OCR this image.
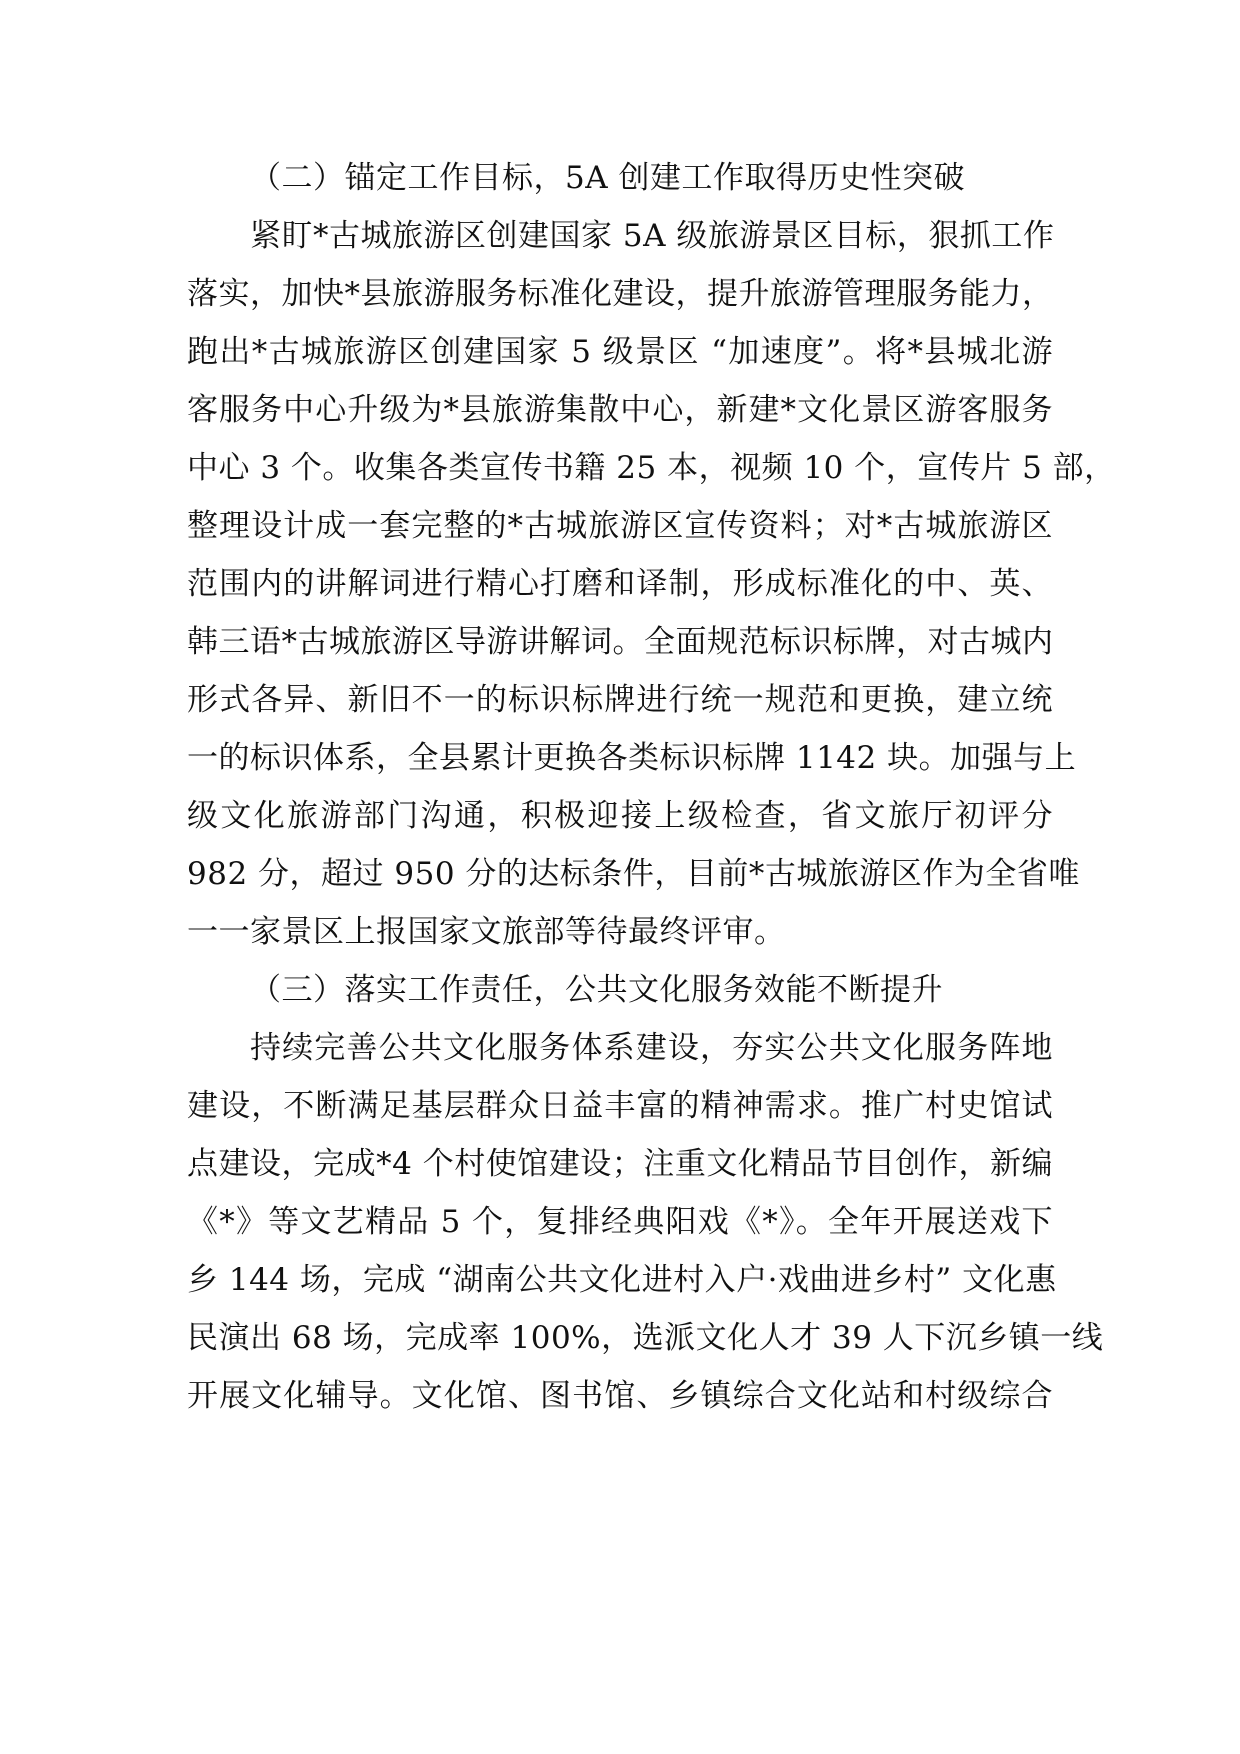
（二）锚定工作目标，5A 创建工作取得历史性突破
紧盯*古城旅游区创建国家 5A 级旅游景区目标，狠抓工作
落实，加快*县旅游服务标准化建设，提升旅游管理服务能力，
跑出*古城旅游区创建国家 5 级景区 “加速度”。将*县城北游
客服务中心升级为*县旅游集散中心，新建*文化景区游客服务
中心 3 个。收集各类宣传书籍 25 本，视频 10 个，宣传片 5 部，
整理设计成一套完整的*古城旅游区宣传资料；对*古城旅游区
范围内的讲解词进行精心打磨和译制，形成标准化的中、英、
韩三语*古城旅游区导游讲解词。全面规范标识标牌，对古城内
形式各异、新旧不一的标识标牌进行统一规范和更换，建立统
一的标识体系，全县累计更换各类标识标牌 1142 块。加强与上
级文化旅游部门沟通，积极迎接上级检查，省文旅厅初评分
982 分，超过 950 分的达标条件，目前*古城旅游区作为全省唯
一一家景区上报国家文旅部等待最终评审。
（三）落实工作责任，公共文化服务效能不断提升
持续完善公共文化服务体系建设，夯实公共文化服务阵地
建设，不断满足基层群众日益丰富的精神需求。推广村史馆试
点建设，完成*4 个村使馆建设；注重文化精品节目创作，新编
《*》等文艺精品 5 个，复排经典阳戏《*》。全年开展送戏下
乡 144 场，完成 “湖南公共文化进村入户·戏曲进乡村” 文化惠
民演出 68 场，完成率 100%，选派文化人才 39 人下沉乡镇一线
开展文化辅导。文化馆、图书馆、乡镇综合文化站和村级综合
